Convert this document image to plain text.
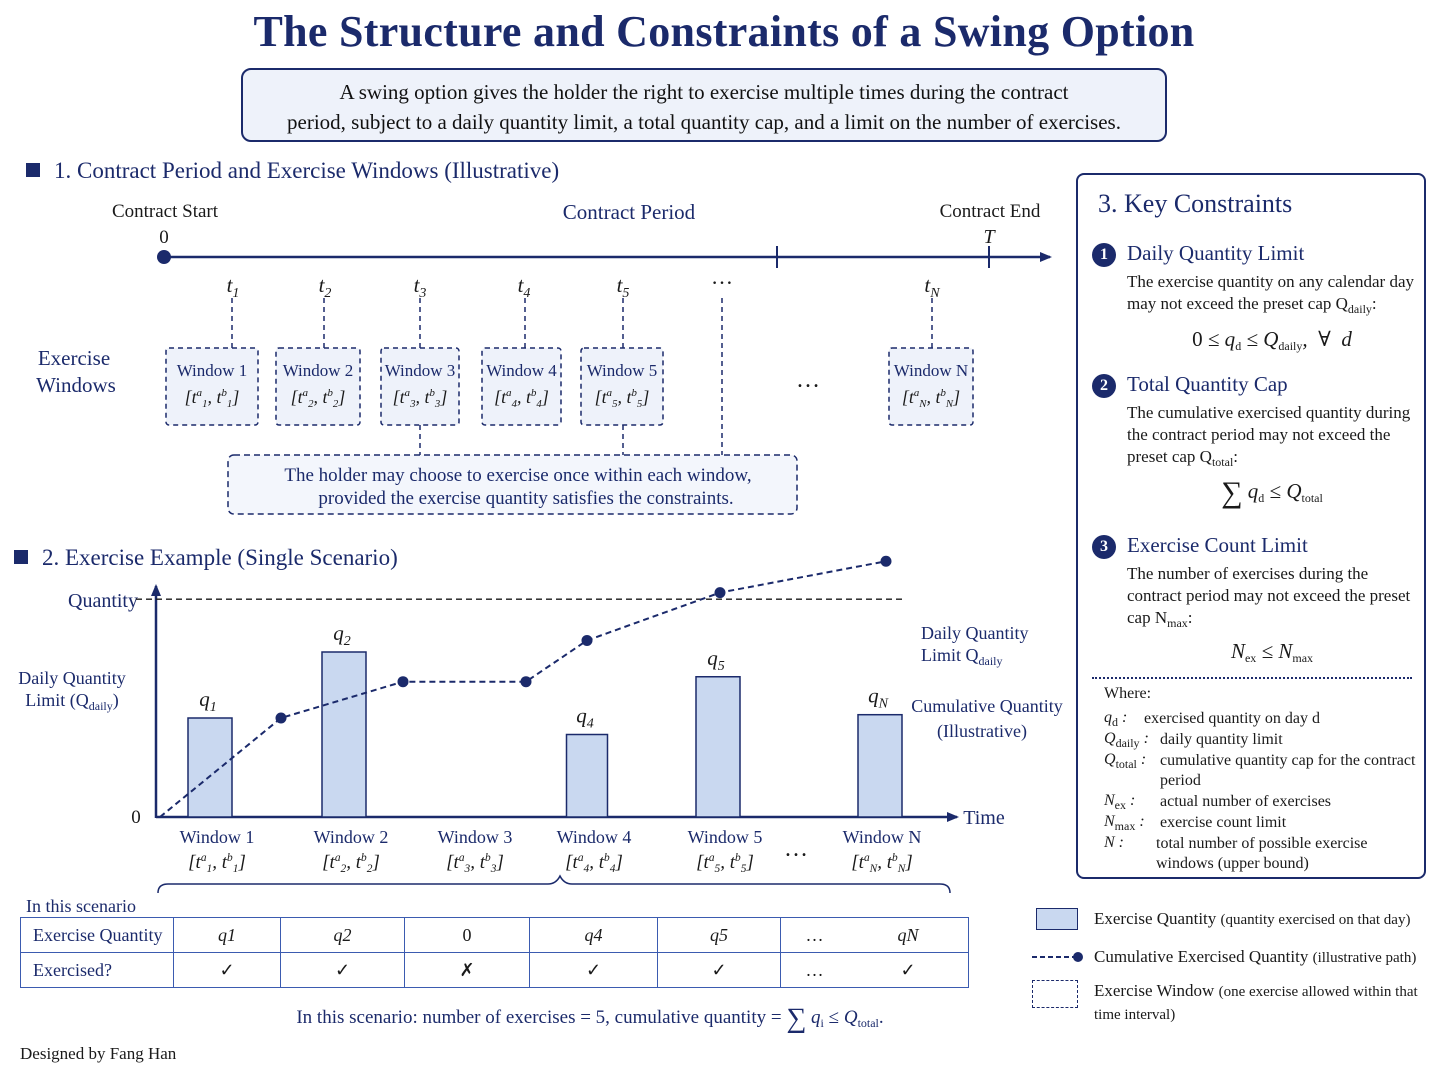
The Structure and Constraints of a Swing Option
A swing option gives the holder the right to exercise multiple times during the contract
period, subject to a daily quantity limit, a total quantity cap, and a limit on the number of exercises.
1. Contract Period and Exercise Windows (Illustrative)
2. Exercise Example (Single Scenario)
Contract Start
0
Contract Period	Contract End
T
$t_1$	$t_2$	$t_3$	$t_4$	$t_5$	$t_N$
…
Exercise
Windows
Window 1
[$t^a_1$, $t^b_1$]
Window 2
[$t^a_2$, $t^b_2$]
Window 3
[$t^a_3$, $t^b_3$]
Window 4
[$t^a_4$, $t^b_4$]
Window 5
[$t^a_5$, $t^b_5$]
Window N
[$t^a_N$, $t^b_N$]
…
The holder may choose to exercise once within each window,
provided the exercise quantity satisfies the constraints.
Quantity
Time
0
Daily Quantity
Limit $(Q_{daily})$
Daily Quantity
Limit $Q_{daily}$
Cumulative Quantity
(Illustrative)
$q_1$
$q_2$
$q_4$
$q_5$
$q_N$
Window 1
[$t^a_1$, $t^b_1$]
Window 2
[$t^a_2$, $t^b_2$]
Window 3
[$t^a_3$, $t^b_3$]
Window 4
[$t^a_4$, $t^b_4$]
Window 5
[$t^a_5$, $t^b_5$]
… Window N
[$t^a_N$, $t^b_N$]
3. Key Constraints
1 Daily Quantity Limit
The exercise quantity on any calendar day may not exceed the preset cap $Q_{daily}$:
$0 \le q_d \le Q_{daily}$,  ∀  d
2 Total Quantity Cap
The cumulative exercised quantity during the contract period may not exceed the preset cap $Q_{total}$:
∑ $q_d \le Q_{total}$
3 Exercise Count Limit
The number of exercises during the contract period may not exceed the preset cap $N_{max}$:
$N_{ex} \le N_{max}$
Where:
$q_d$ : exercised quantity on day d
$Q_{daily}$ : daily quantity limit
$Q_{total}$ : cumulative quantity cap for the contract period
$N_{ex}$ : actual number of exercises
$N_{max}$ : exercise count limit
N : total number of possible exercise windows (upper bound)
Exercise Quantity (quantity exercised on that day)
Cumulative Exercised Quantity (illustrative path)
Exercise Window (one exercise allowed within that time interval)
In this scenario
Exercise Quantity	q1	q2	0	q4	q5	…	qN
Exercised?	✓	✓	✗	✓	✓	…	✓
In this scenario: number of exercises = 5, cumulative quantity = ∑ $q_i \le Q_{total}$.
Designed by Fang Han
